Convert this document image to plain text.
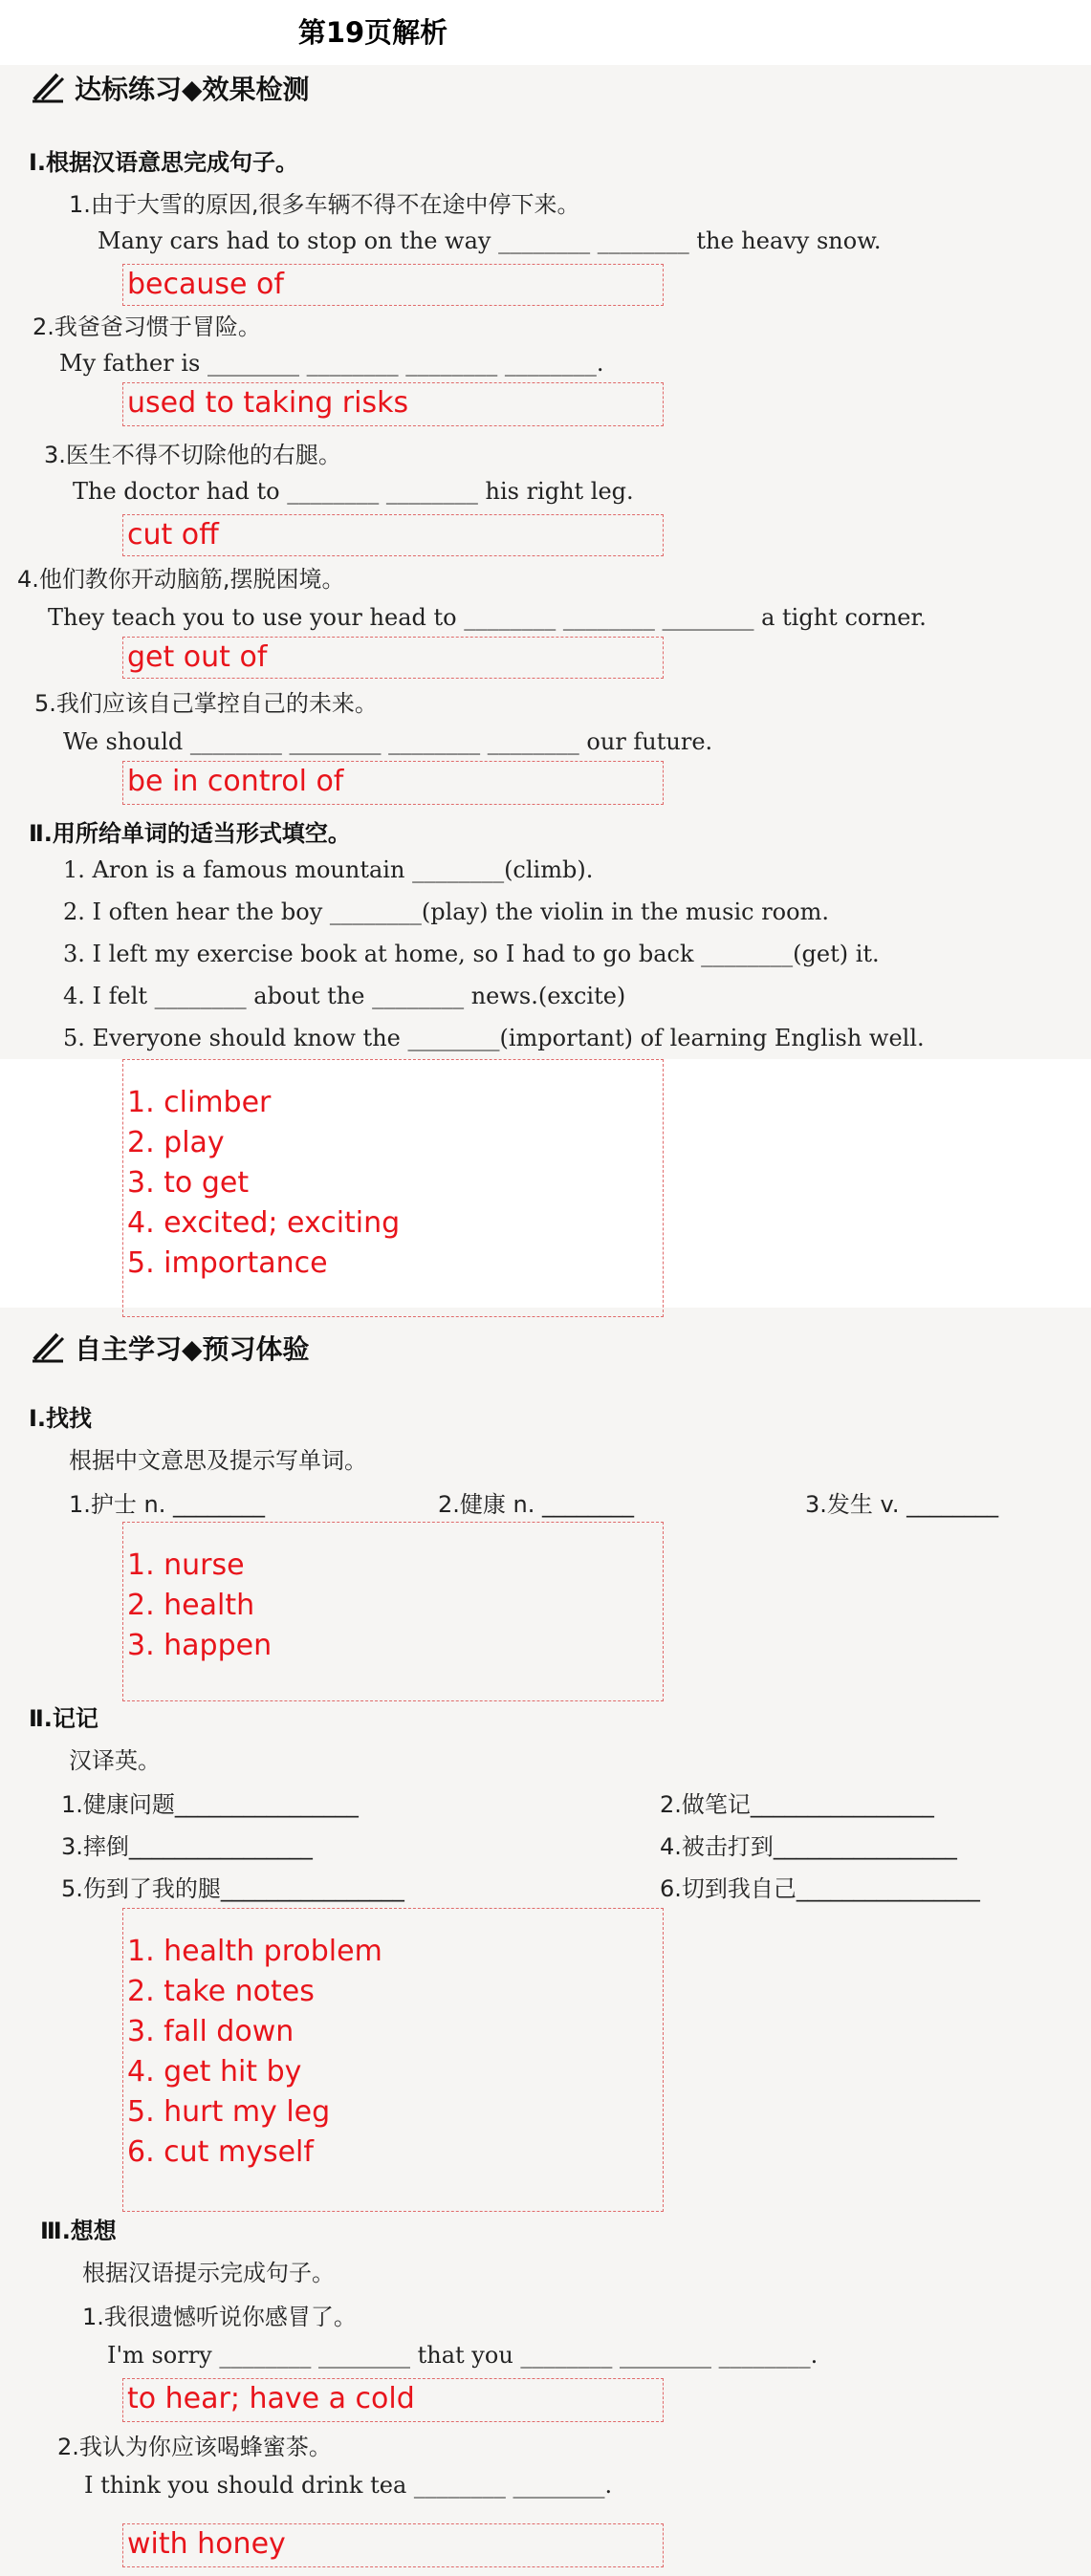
第19页解析
达标练习◆效果检测
Ⅰ.根据汉语意思完成句子。
1.由于大雪的原因,很多车辆不得不在途中停下来。
Many cars had to stop on the way ________ ________ the heavy snow.
because of
2.我爸爸习惯于冒险。
My father is ________ ________ ________ ________.
used to taking risks
3.医生不得不切除他的右腿。
The doctor had to ________ ________ his right leg.
cut off
4.他们教你开动脑筋,摆脱困境。
They teach you to use your head to ________ ________ ________ a tight corner.
get out of
5.我们应该自己掌控自己的未来。
We should ________ ________ ________ ________ our future.
be in control of
Ⅱ.用所给单词的适当形式填空。
1. Aron is a famous mountain ________(climb).
2. I often hear the boy ________(play) the violin in the music room.
3. I left my exercise book at home, so I had to go back ________(get) it.
4. I felt ________ about the ________ news.(excite)
5. Everyone should know the ________(important) of learning English well.
1. climber
2. play
3. to get
4. excited; exciting
5. importance
自主学习◆预习体验
Ⅰ.找找
根据中文意思及提示写单词。
1.护士 n. ________	2.健康 n. ________	3.发生 v. ________
1. nurse
2. health
3. happen
Ⅱ.记记
汉译英。
1.健康问题________________	2.做笔记________________
3.摔倒________________	4.被击打到________________
5.伤到了我的腿________________	6.切到我自己________________
1. health problem
2. take notes
3. fall down
4. get hit by
5. hurt my leg
6. cut myself
Ⅲ.想想
根据汉语提示完成句子。
1.我很遗憾听说你感冒了。
I'm sorry ________ ________ that you ________ ________ ________.
to hear; have a cold
2.我认为你应该喝蜂蜜茶。
I think you should drink tea ________ ________.
with honey
